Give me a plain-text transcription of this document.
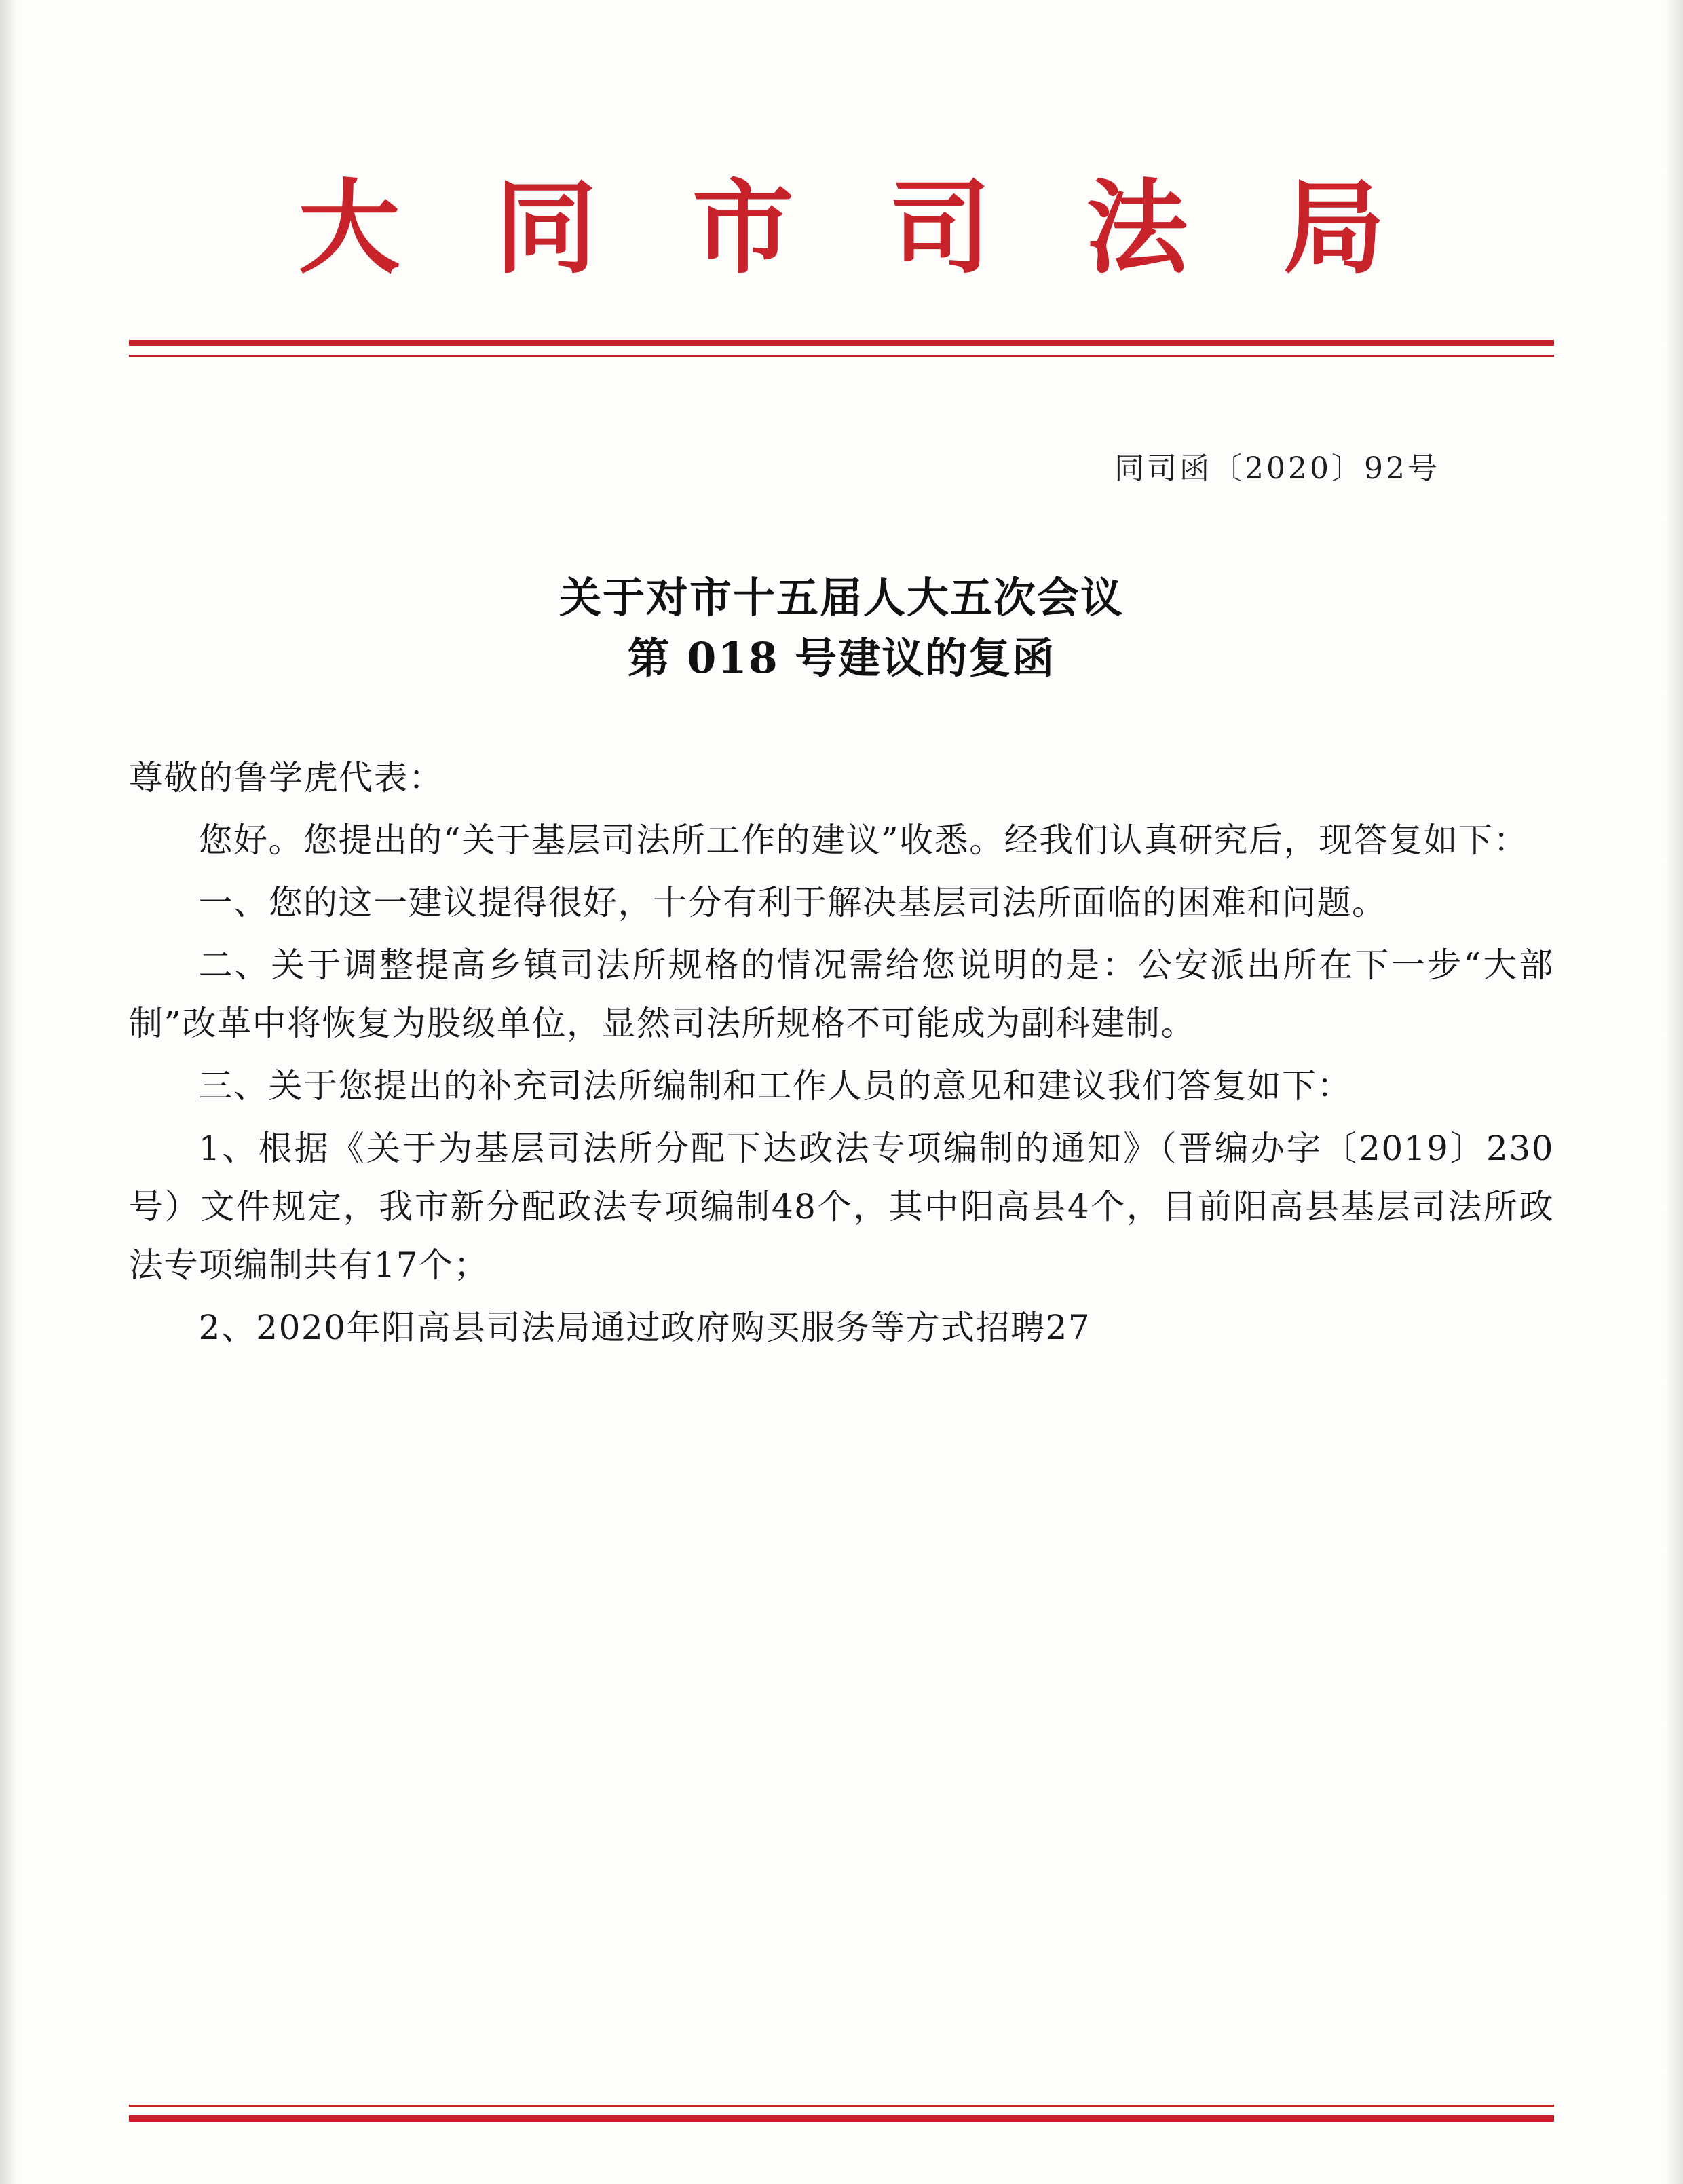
大 同 市 司 法 局
同司函〔2020〕92号
关于对市十五届人大五次会议
第 018 号建议的复函

尊敬的鲁学虎代表：

您好。您提出的“关于基层司法所工作的建议”收悉。经我们认真研究后，现答复如下：

一、您的这一建议提得很好，十分有利于解决基层司法所面临的困难和问题。

二、关于调整提高乡镇司法所规格的情况需给您说明的是：公安派出所在下一步“大部制”改革中将恢复为股级单位，显然司法所规格不可能成为副科建制。

三、关于您提出的补充司法所编制和工作人员的意见和建议我们答复如下：

1、根据《关于为基层司法所分配下达政法专项编制的通知》（晋编办字〔2019〕230号）文件规定，我市新分配政法专项编制48个，其中阳高县4个，目前阳高县基层司法所政法专项编制共有17个；

2、2020年阳高县司法局通过政府购买服务等方式招聘27
